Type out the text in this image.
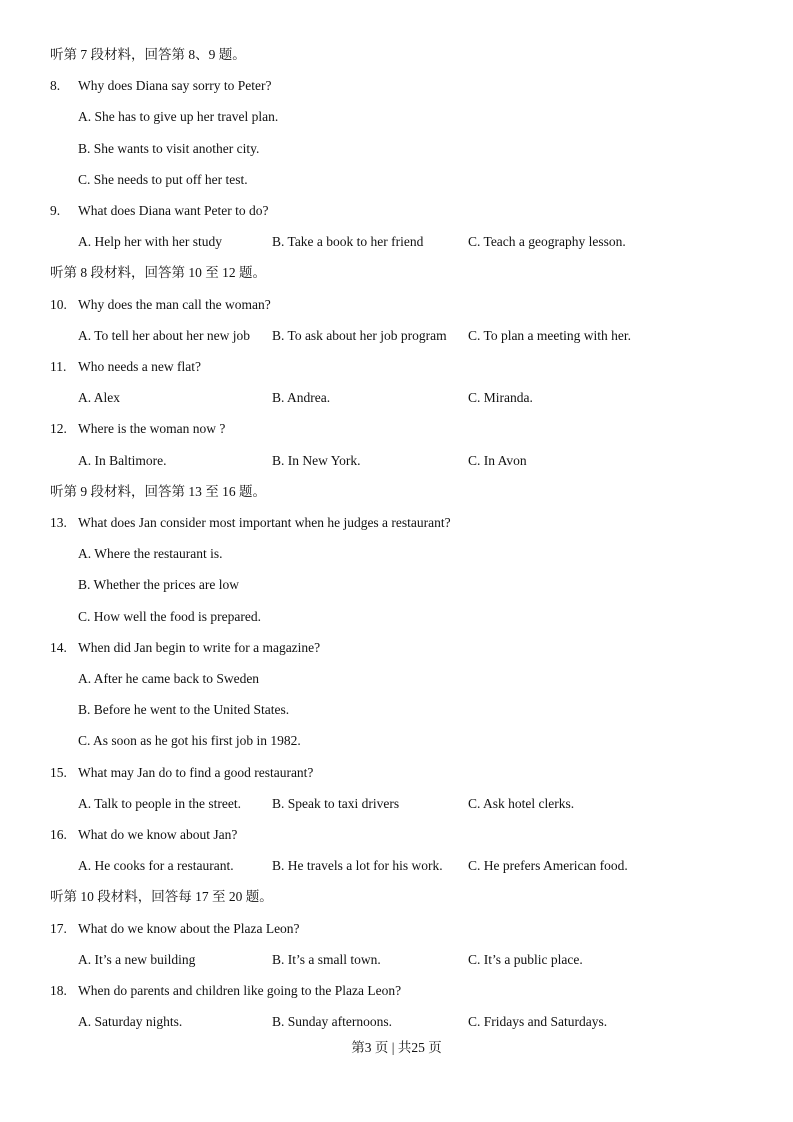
听第 7 段材料，回答第 8、9 题。
8. Why does Diana say sorry to Peter?
A. She has to give up her travel plan.
B. She wants to visit another city.
C. She needs to put off her test.
9. What does Diana want Peter to do?
A. Help her with her study	B. Take a book to her friend	C. Teach a geography lesson.
听第 8 段材料，回答第 10 至 12 题。
10. Why does the man call the woman?
A. To tell her about her new job B. To ask about her job program C. To plan a meeting with her.
11. Who needs a new flat?
A. Alex	B. Andrea.	C. Miranda.
12. Where is the woman now ?
A. In Baltimore.	B. In New York.	C. In Avon
听第 9 段材料，回答第 13 至 16 题。
13. What does Jan consider most important when he judges a restaurant?
A. Where the restaurant is.
B. Whether the prices are low
C. How well the food is prepared.
14. When did Jan begin to write for a magazine?
A. After he came back to Sweden
B. Before he went to the United States.
C. As soon as he got his first job in 1982.
15. What may Jan do to find a good restaurant?
A. Talk to people in the street. B. Speak to taxi drivers	C. Ask hotel clerks.
16. What do we know about Jan?
A. He cooks for a restaurant.	B. He travels a lot for his work. C. He prefers American food.
听第 10 段材料，回答每 17 至 20 题。
17. What do we know about the Plaza Leon?
A. It’s a new building	B. It’s a small town.	C. It’s a public place.
18. When do parents and children like going to the Plaza Leon?
A. Saturday nights.	B. Sunday afternoons.	C. Fridays and Saturdays.
第3 页 | 共25 页
